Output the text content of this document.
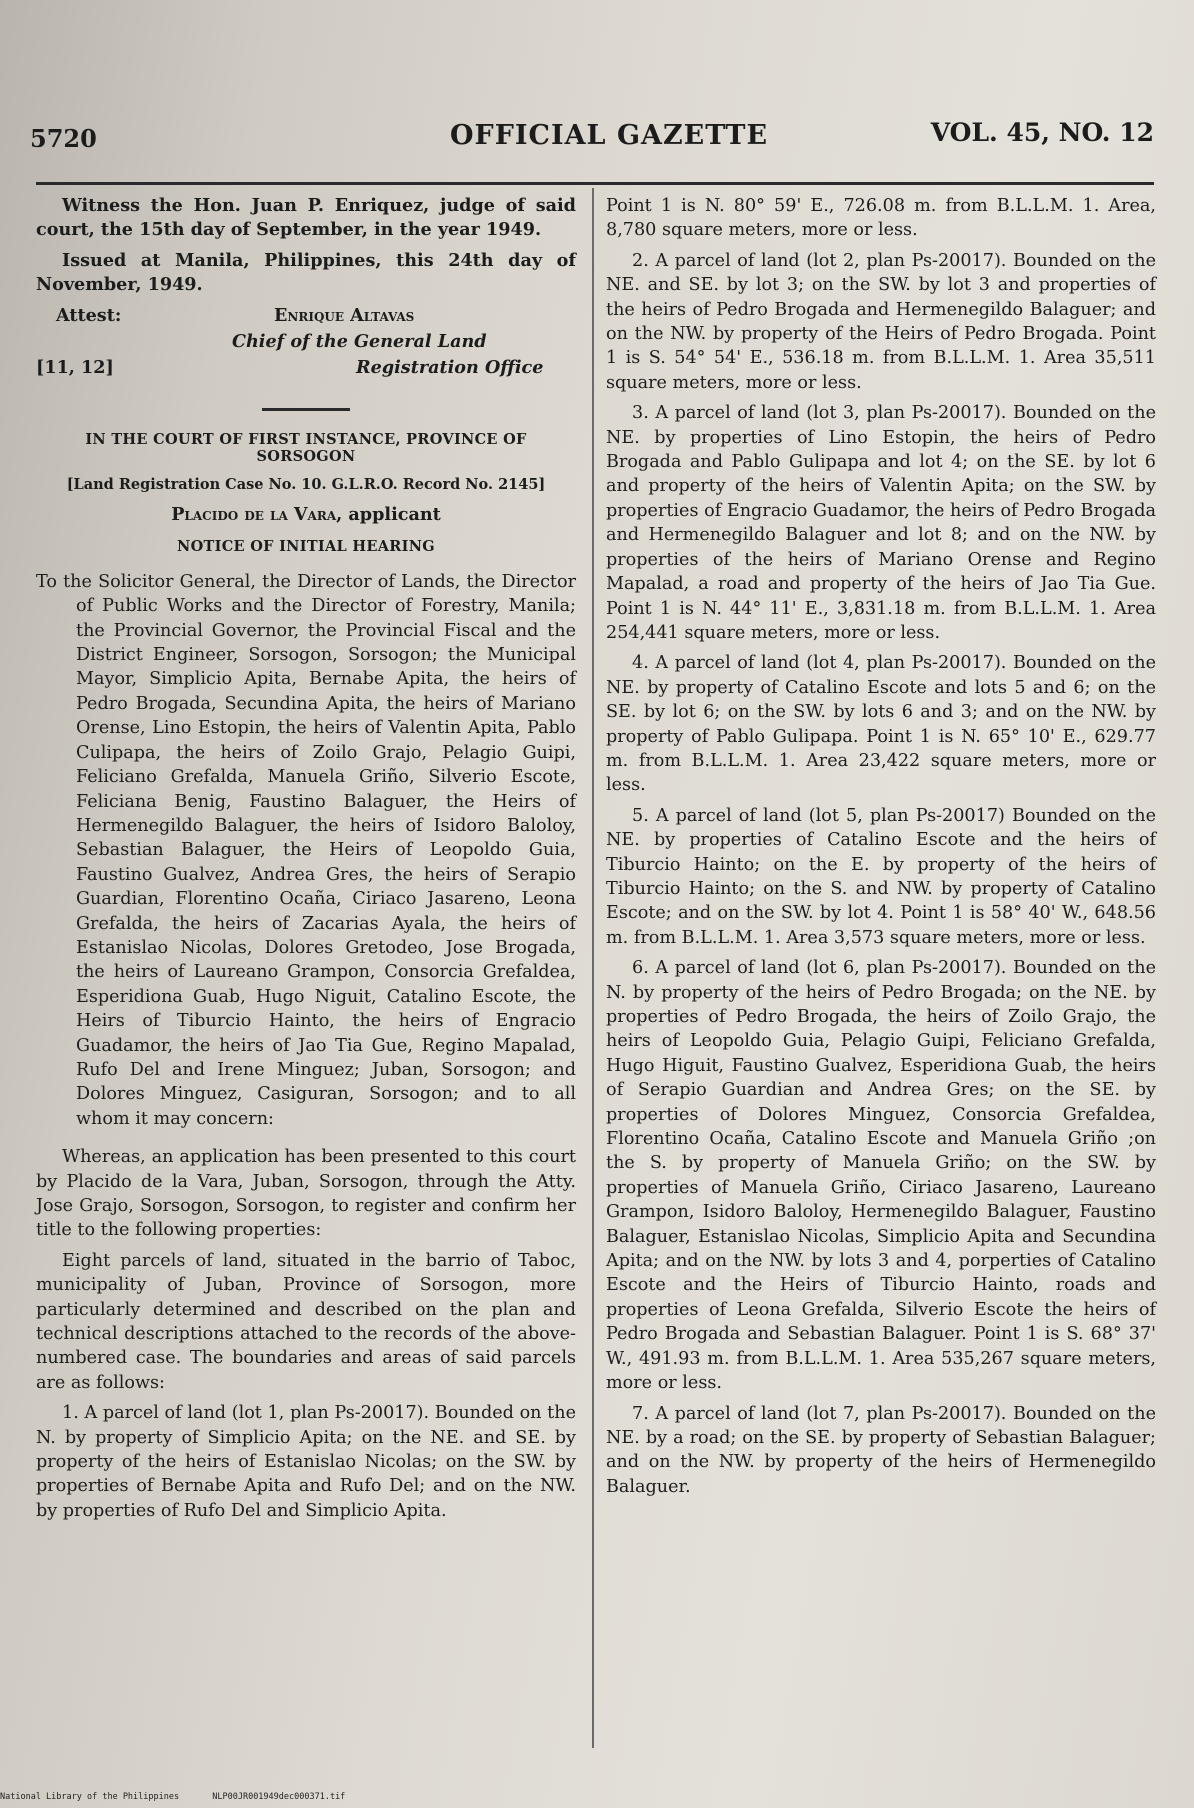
5720	OFFICIAL GAZETTE	VOL. 45, NO. 12

Witness the Hon. Juan P. Enriquez, judge of said court, the 15th day of September, in the year 1949.

Issued at Manila, Philippines, this 24th day of November, 1949.

Attest:	Enrique Altavas
Chief of the General Land
[11, 12]	Registration Office
IN THE COURT OF FIRST INSTANCE, PROVINCE OF SORSOGON
[Land Registration Case No. 10. G.L.R.O. Record No. 2145]
Placido de la Vara, applicant
NOTICE OF INITIAL HEARING

To the Solicitor General, the Director of Lands, the Director of Public Works and the Director of Forestry, Manila; the Provincial Governor, the Provincial Fiscal and the District Engineer, Sorsogon, Sorsogon; the Municipal Mayor, Simplicio Apita, Bernabe Apita, the heirs of Pedro Brogada, Secundina Apita, the heirs of Mariano Orense, Lino Estopin, the heirs of Valentin Apita, Pablo Culipapa, the heirs of Zoilo Grajo, Pelagio Guipi, Feliciano Grefalda, Manuela Griño, Silverio Escote, Feliciana Benig, Faustino Balaguer, the Heirs of Hermenegildo Balaguer, the heirs of Isidoro Baloloy, Sebastian Balaguer, the Heirs of Leopoldo Guia, Faustino Gualvez, Andrea Gres, the heirs of Serapio Guardian, Florentino Ocaña, Ciriaco Jasareno, Leona Grefalda, the heirs of Zacarias Ayala, the heirs of Estanislao Nicolas, Dolores Gretodeo, Jose Brogada, the heirs of Laureano Grampon, Consorcia Grefaldea, Esperidiona Guab, Hugo Niguit, Catalino Escote, the Heirs of Tiburcio Hainto, the heirs of Engracio Guadamor, the heirs of Jao Tia Gue, Regino Mapalad, Rufo Del and Irene Minguez; Juban, Sorsogon; and Dolores Minguez, Casiguran, Sorsogon; and to all whom it may concern:

Whereas, an application has been presented to this court by Placido de la Vara, Juban, Sorsogon, through the Atty. Jose Grajo, Sorsogon, Sorsogon, to register and confirm her title to the following properties:

Eight parcels of land, situated in the barrio of Taboc, municipality of Juban, Province of Sorsogon, more particularly determined and described on the plan and technical descriptions attached to the records of the above-numbered case. The boundaries and areas of said parcels are as follows:

1. A parcel of land (lot 1, plan Ps-20017). Bounded on the N. by property of Simplicio Apita; on the NE. and SE. by property of the heirs of Estanislao Nicolas; on the SW. by properties of Bernabe Apita and Rufo Del; and on the NW. by properties of Rufo Del and Simplicio Apita.

Point 1 is N. 80° 59' E., 726.08 m. from B.L.L.M. 1. Area, 8,780 square meters, more or less.

2. A parcel of land (lot 2, plan Ps-20017). Bounded on the NE. and SE. by lot 3; on the SW. by lot 3 and properties of the heirs of Pedro Brogada and Hermenegildo Balaguer; and on the NW. by property of the Heirs of Pedro Brogada. Point 1 is S. 54° 54' E., 536.18 m. from B.L.L.M. 1. Area 35,511 square meters, more or less.

3. A parcel of land (lot 3, plan Ps-20017). Bounded on the NE. by properties of Lino Estopin, the heirs of Pedro Brogada and Pablo Gulipapa and lot 4; on the SE. by lot 6 and property of the heirs of Valentin Apita; on the SW. by properties of Engracio Guadamor, the heirs of Pedro Brogada and Hermenegildo Balaguer and lot 8; and on the NW. by properties of the heirs of Mariano Orense and Regino Mapalad, a road and property of the heirs of Jao Tia Gue. Point 1 is N. 44° 11' E., 3,831.18 m. from B.L.L.M. 1. Area 254,441 square meters, more or less.

4. A parcel of land (lot 4, plan Ps-20017). Bounded on the NE. by property of Catalino Escote and lots 5 and 6; on the SE. by lot 6; on the SW. by lots 6 and 3; and on the NW. by property of Pablo Gulipapa. Point 1 is N. 65° 10' E., 629.77 m. from B.L.L.M. 1. Area 23,422 square meters, more or less.

5. A parcel of land (lot 5, plan Ps-20017) Bounded on the NE. by properties of Catalino Escote and the heirs of Tiburcio Hainto; on the E. by property of the heirs of Tiburcio Hainto; on the S. and NW. by property of Catalino Escote; and on the SW. by lot 4. Point 1 is 58° 40' W., 648.56 m. from B.L.L.M. 1. Area 3,573 square meters, more or less.

6. A parcel of land (lot 6, plan Ps-20017). Bounded on the N. by property of the heirs of Pedro Brogada; on the NE. by properties of Pedro Brogada, the heirs of Zoilo Grajo, the heirs of Leopoldo Guia, Pelagio Guipi, Feliciano Grefalda, Hugo Higuit, Faustino Gualvez, Esperidiona Guab, the heirs of Serapio Guardian and Andrea Gres; on the SE. by properties of Dolores Minguez, Consorcia Grefaldea, Florentino Ocaña, Catalino Escote and Manuela Griño ;on the S. by property of Manuela Griño; on the SW. by properties of Manuela Griño, Ciriaco Jasareno, Laureano Grampon, Isidoro Baloloy, Hermenegildo Balaguer, Faustino Balaguer, Estanislao Nicolas, Simplicio Apita and Secundina Apita; and on the NW. by lots 3 and 4, porperties of Catalino Escote and the Heirs of Tiburcio Hainto, roads and properties of Leona Grefalda, Silverio Escote the heirs of Pedro Brogada and Sebastian Balaguer. Point 1 is S. 68° 37' W., 491.93 m. from B.L.L.M. 1. Area 535,267 square meters, more or less.

7. A parcel of land (lot 7, plan Ps-20017). Bounded on the NE. by a road; on the SE. by property of Sebastian Balaguer; and on the NW. by property of the heirs of Hermenegildo Balaguer.

National Library of the Philippines	NLP00JR001949dec000371.tif
